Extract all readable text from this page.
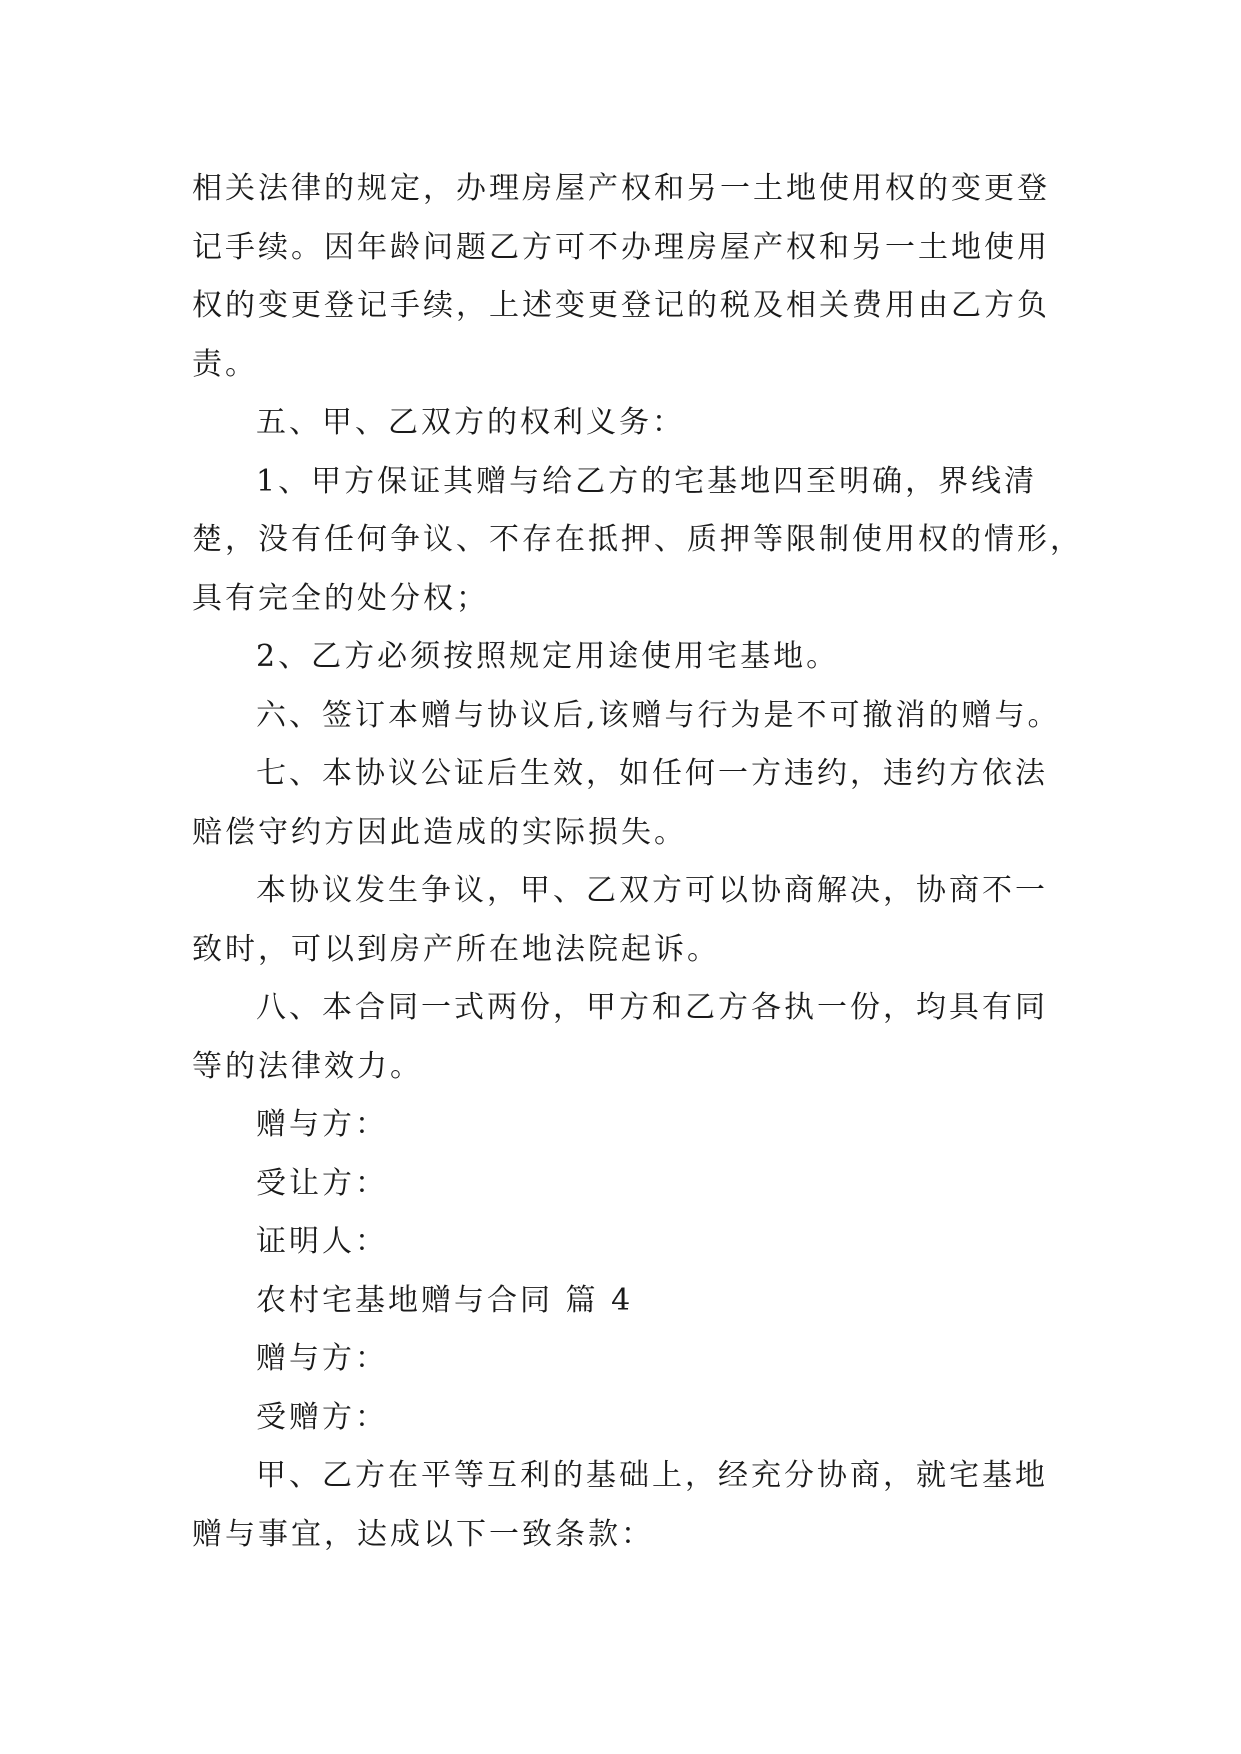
相关法律的规定，办理房屋产权和另一土地使用权的变更登
记手续。因年龄问题乙方可不办理房屋产权和另一土地使用
权的变更登记手续，上述变更登记的税及相关费用由乙方负
责。
五、甲、乙双方的权利义务：
1、甲方保证其赠与给乙方的宅基地四至明确，界线清
楚，没有任何争议、不存在抵押、质押等限制使用权的情形，
具有完全的处分权；
2、乙方必须按照规定用途使用宅基地。
六、签订本赠与协议后,该赠与行为是不可撤消的赠与。
七、本协议公证后生效，如任何一方违约，违约方依法
赔偿守约方因此造成的实际损失。
本协议发生争议，甲、乙双方可以协商解决，协商不一
致时，可以到房产所在地法院起诉。
八、本合同一式两份，甲方和乙方各执一份，均具有同
等的法律效力。
赠与方：
受让方：
证明人：
农村宅基地赠与合同 篇 4
赠与方：
受赠方：
甲、乙方在平等互利的基础上，经充分协商，就宅基地
赠与事宜，达成以下一致条款：
